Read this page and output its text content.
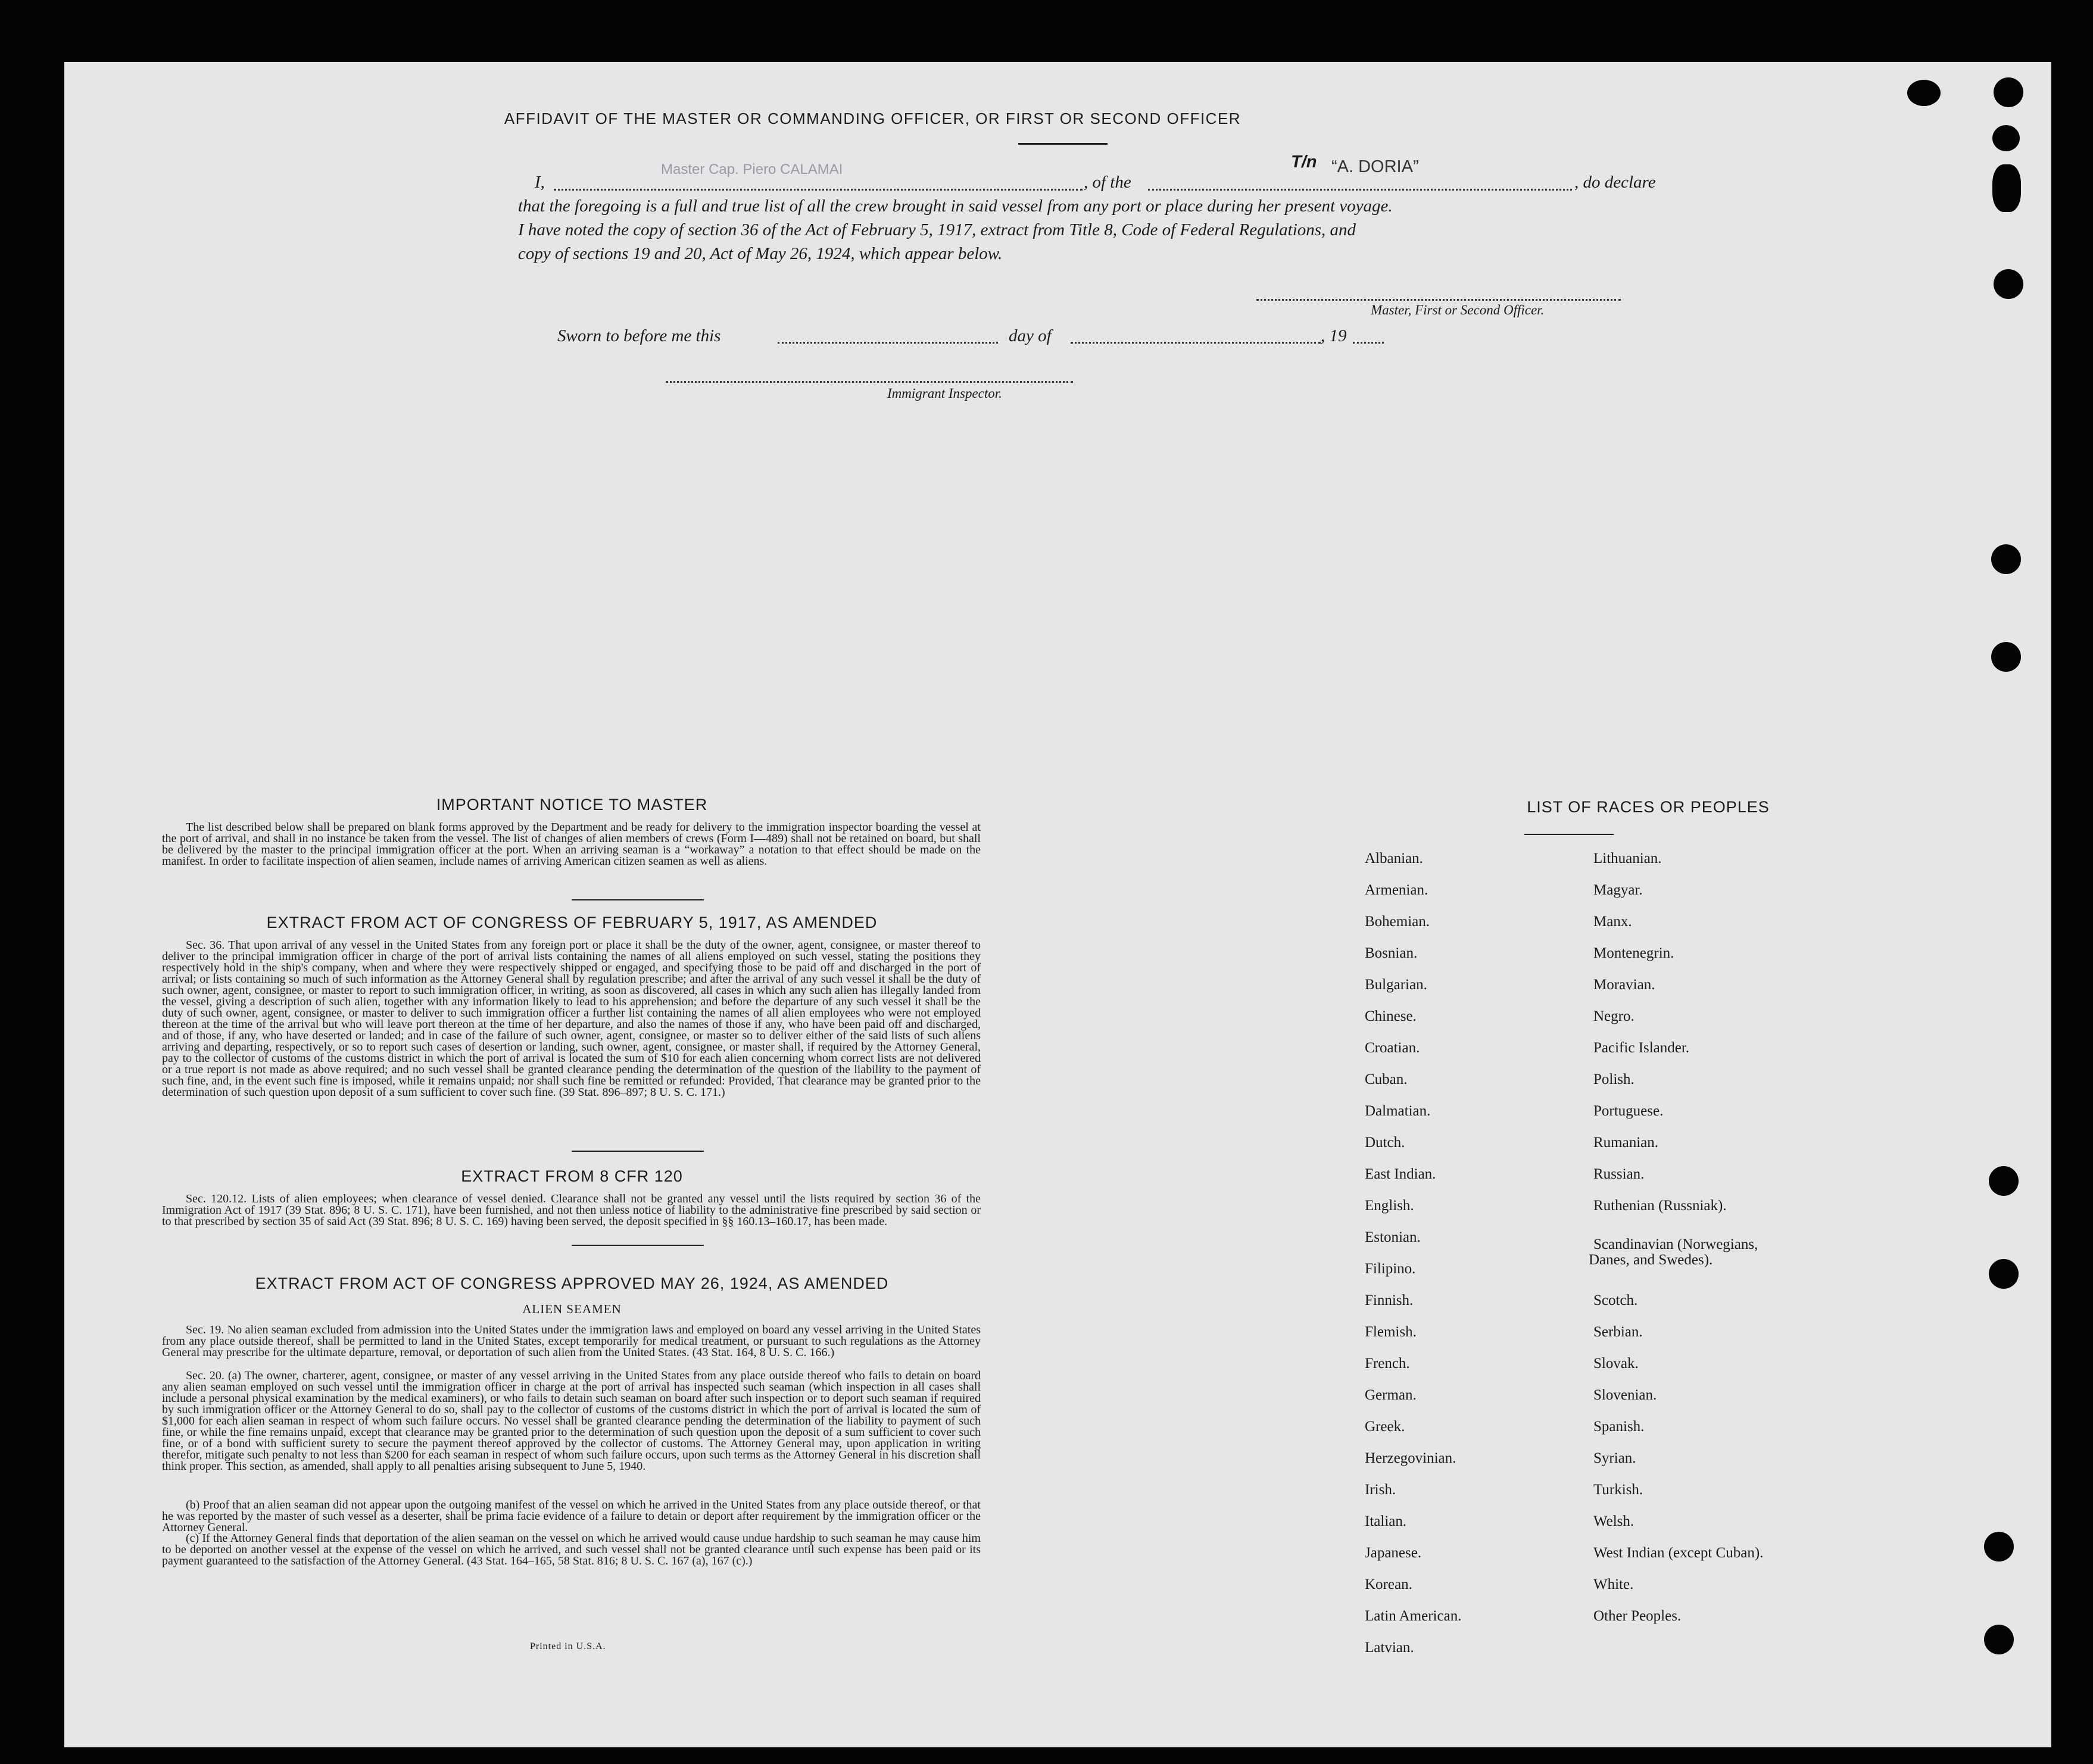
AFFIDAVIT OF THE MASTER OR COMMANDING OFFICER, OR FIRST OR SECOND OFFICER
I,
Master Cap. Piero CALAMAI
, of the
T/n “A. DORIA”
, do declare
that the foregoing is a full and true list of all the crew brought in said vessel from any port or place during her present voyage.
I have noted the copy of section 36 of the Act of February 5, 1917, extract from Title 8, Code of Federal Regulations, and
copy of sections 19 and 20, Act of May 26, 1924, which appear below.
Master, First or Second Officer.
Sworn to before me this	day of	, 19
Immigrant Inspector.
IMPORTANT NOTICE TO MASTER
The list described below shall be prepared on blank forms approved by the Department and be ready for delivery to the immigration inspector boarding the vessel at the port of arrival, and shall in no instance be taken from the vessel. The list of changes of alien members of crews (Form I—489) shall not be retained on board, but shall be delivered by the master to the principal immigration officer at the port. When an arriving seaman is a “workaway” a notation to that effect should be made on the manifest. In order to facilitate inspection of alien seamen, include names of arriving American citizen seamen as well as aliens.
EXTRACT FROM ACT OF CONGRESS OF FEBRUARY 5, 1917, AS AMENDED
Sec. 36. That upon arrival of any vessel in the United States from any foreign port or place it shall be the duty of the owner, agent, consignee, or master thereof to deliver to the principal immigration officer in charge of the port of arrival lists containing the names of all aliens employed on such vessel, stating the positions they respectively hold in the ship's company, when and where they were respectively shipped or engaged, and specifying those to be paid off and discharged in the port of arrival; or lists containing so much of such information as the Attorney General shall by regulation prescribe; and after the arrival of any such vessel it shall be the duty of such owner, agent, consignee, or master to report to such immigration officer, in writing, as soon as discovered, all cases in which any such alien has illegally landed from the vessel, giving a description of such alien, together with any information likely to lead to his apprehension; and before the departure of any such vessel it shall be the duty of such owner, agent, consignee, or master to deliver to such immigration officer a further list containing the names of all alien employees who were not employed thereon at the time of the arrival but who will leave port thereon at the time of her departure, and also the names of those if any, who have been paid off and discharged, and of those, if any, who have deserted or landed; and in case of the failure of such owner, agent, consignee, or master so to deliver either of the said lists of such aliens arriving and departing, respectively, or so to report such cases of desertion or landing, such owner, agent, consignee, or master shall, if required by the Attorney General, pay to the collector of customs of the customs district in which the port of arrival is located the sum of $10 for each alien concerning whom correct lists are not delivered or a true report is not made as above required; and no such vessel shall be granted clearance pending the determination of the question of the liability to the payment of such fine, and, in the event such fine is imposed, while it remains unpaid; nor shall such fine be remitted or refunded: Provided, That clearance may be granted prior to the determination of such question upon deposit of a sum sufficient to cover such fine. (39 Stat. 896–897; 8 U. S. C. 171.)
EXTRACT FROM 8 CFR 120
Sec. 120.12. Lists of alien employees; when clearance of vessel denied. Clearance shall not be granted any vessel until the lists required by section 36 of the Immigration Act of 1917 (39 Stat. 896; 8 U. S. C. 171), have been furnished, and not then unless notice of liability to the administrative fine prescribed by said section or to that prescribed by section 35 of said Act (39 Stat. 896; 8 U. S. C. 169) having been served, the deposit specified in §§ 160.13–160.17, has been made.
EXTRACT FROM ACT OF CONGRESS APPROVED MAY 26, 1924, AS AMENDED
ALIEN SEAMEN
Sec. 19. No alien seaman excluded from admission into the United States under the immigration laws and employed on board any vessel arriving in the United States from any place outside thereof, shall be permitted to land in the United States, except temporarily for medical treatment, or pursuant to such regulations as the Attorney General may prescribe for the ultimate departure, removal, or deportation of such alien from the United States. (43 Stat. 164, 8 U. S. C. 166.)
Sec. 20. (a) The owner, charterer, agent, consignee, or master of any vessel arriving in the United States from any place outside thereof who fails to detain on board any alien seaman employed on such vessel until the immigration officer in charge at the port of arrival has inspected such seaman (which inspection in all cases shall include a personal physical examination by the medical examiners), or who fails to detain such seaman on board after such inspection or to deport such seaman if required by such immigration officer or the Attorney General to do so, shall pay to the collector of customs of the customs district in which the port of arrival is located the sum of $1,000 for each alien seaman in respect of whom such failure occurs. No vessel shall be granted clearance pending the determination of the liability to payment of such fine, or while the fine remains unpaid, except that clearance may be granted prior to the determination of such question upon the deposit of a sum sufficient to cover such fine, or of a bond with sufficient surety to secure the payment thereof approved by the collector of customs. The Attorney General may, upon application in writing therefor, mitigate such penalty to not less than $200 for each seaman in respect of whom such failure occurs, upon such terms as the Attorney General in his discretion shall think proper. This section, as amended, shall apply to all penalties arising subsequent to June 5, 1940.
(b) Proof that an alien seaman did not appear upon the outgoing manifest of the vessel on which he arrived in the United States from any place outside thereof, or that he was reported by the master of such vessel as a deserter, shall be prima facie evidence of a failure to detain or deport after requirement by the immigration officer or the Attorney General.
(c) If the Attorney General finds that deportation of the alien seaman on the vessel on which he arrived would cause undue hardship to such seaman he may cause him to be deported on another vessel at the expense of the vessel on which he arrived, and such vessel shall not be granted clearance until such expense has been paid or its payment guaranteed to the satisfaction of the Attorney General. (43 Stat. 164–165, 58 Stat. 816; 8 U. S. C. 167 (a), 167 (c).)
Printed in U.S.A.
LIST OF RACES OR PEOPLES
Albanian.
Armenian.
Bohemian.
Bosnian.
Bulgarian.
Chinese.
Croatian.
Cuban.
Dalmatian.
Dutch.
East Indian.
English.
Estonian.
Filipino.
Finnish.
Flemish.
French.
German.
Greek.
Herzegovinian.
Irish.
Italian.
Japanese.
Korean.
Latin American.
Latvian.
Lithuanian.
Magyar.
Manx.
Montenegrin.
Moravian.
Negro.
Pacific Islander.
Polish.
Portuguese.
Rumanian.
Russian.
Ruthenian (Russniak).
Scandinavian (Norwegians,
Danes, and Swedes).
Scotch.
Serbian.
Slovak.
Slovenian.
Spanish.
Syrian.
Turkish.
Welsh.
West Indian (except Cuban).
White.
Other Peoples.
